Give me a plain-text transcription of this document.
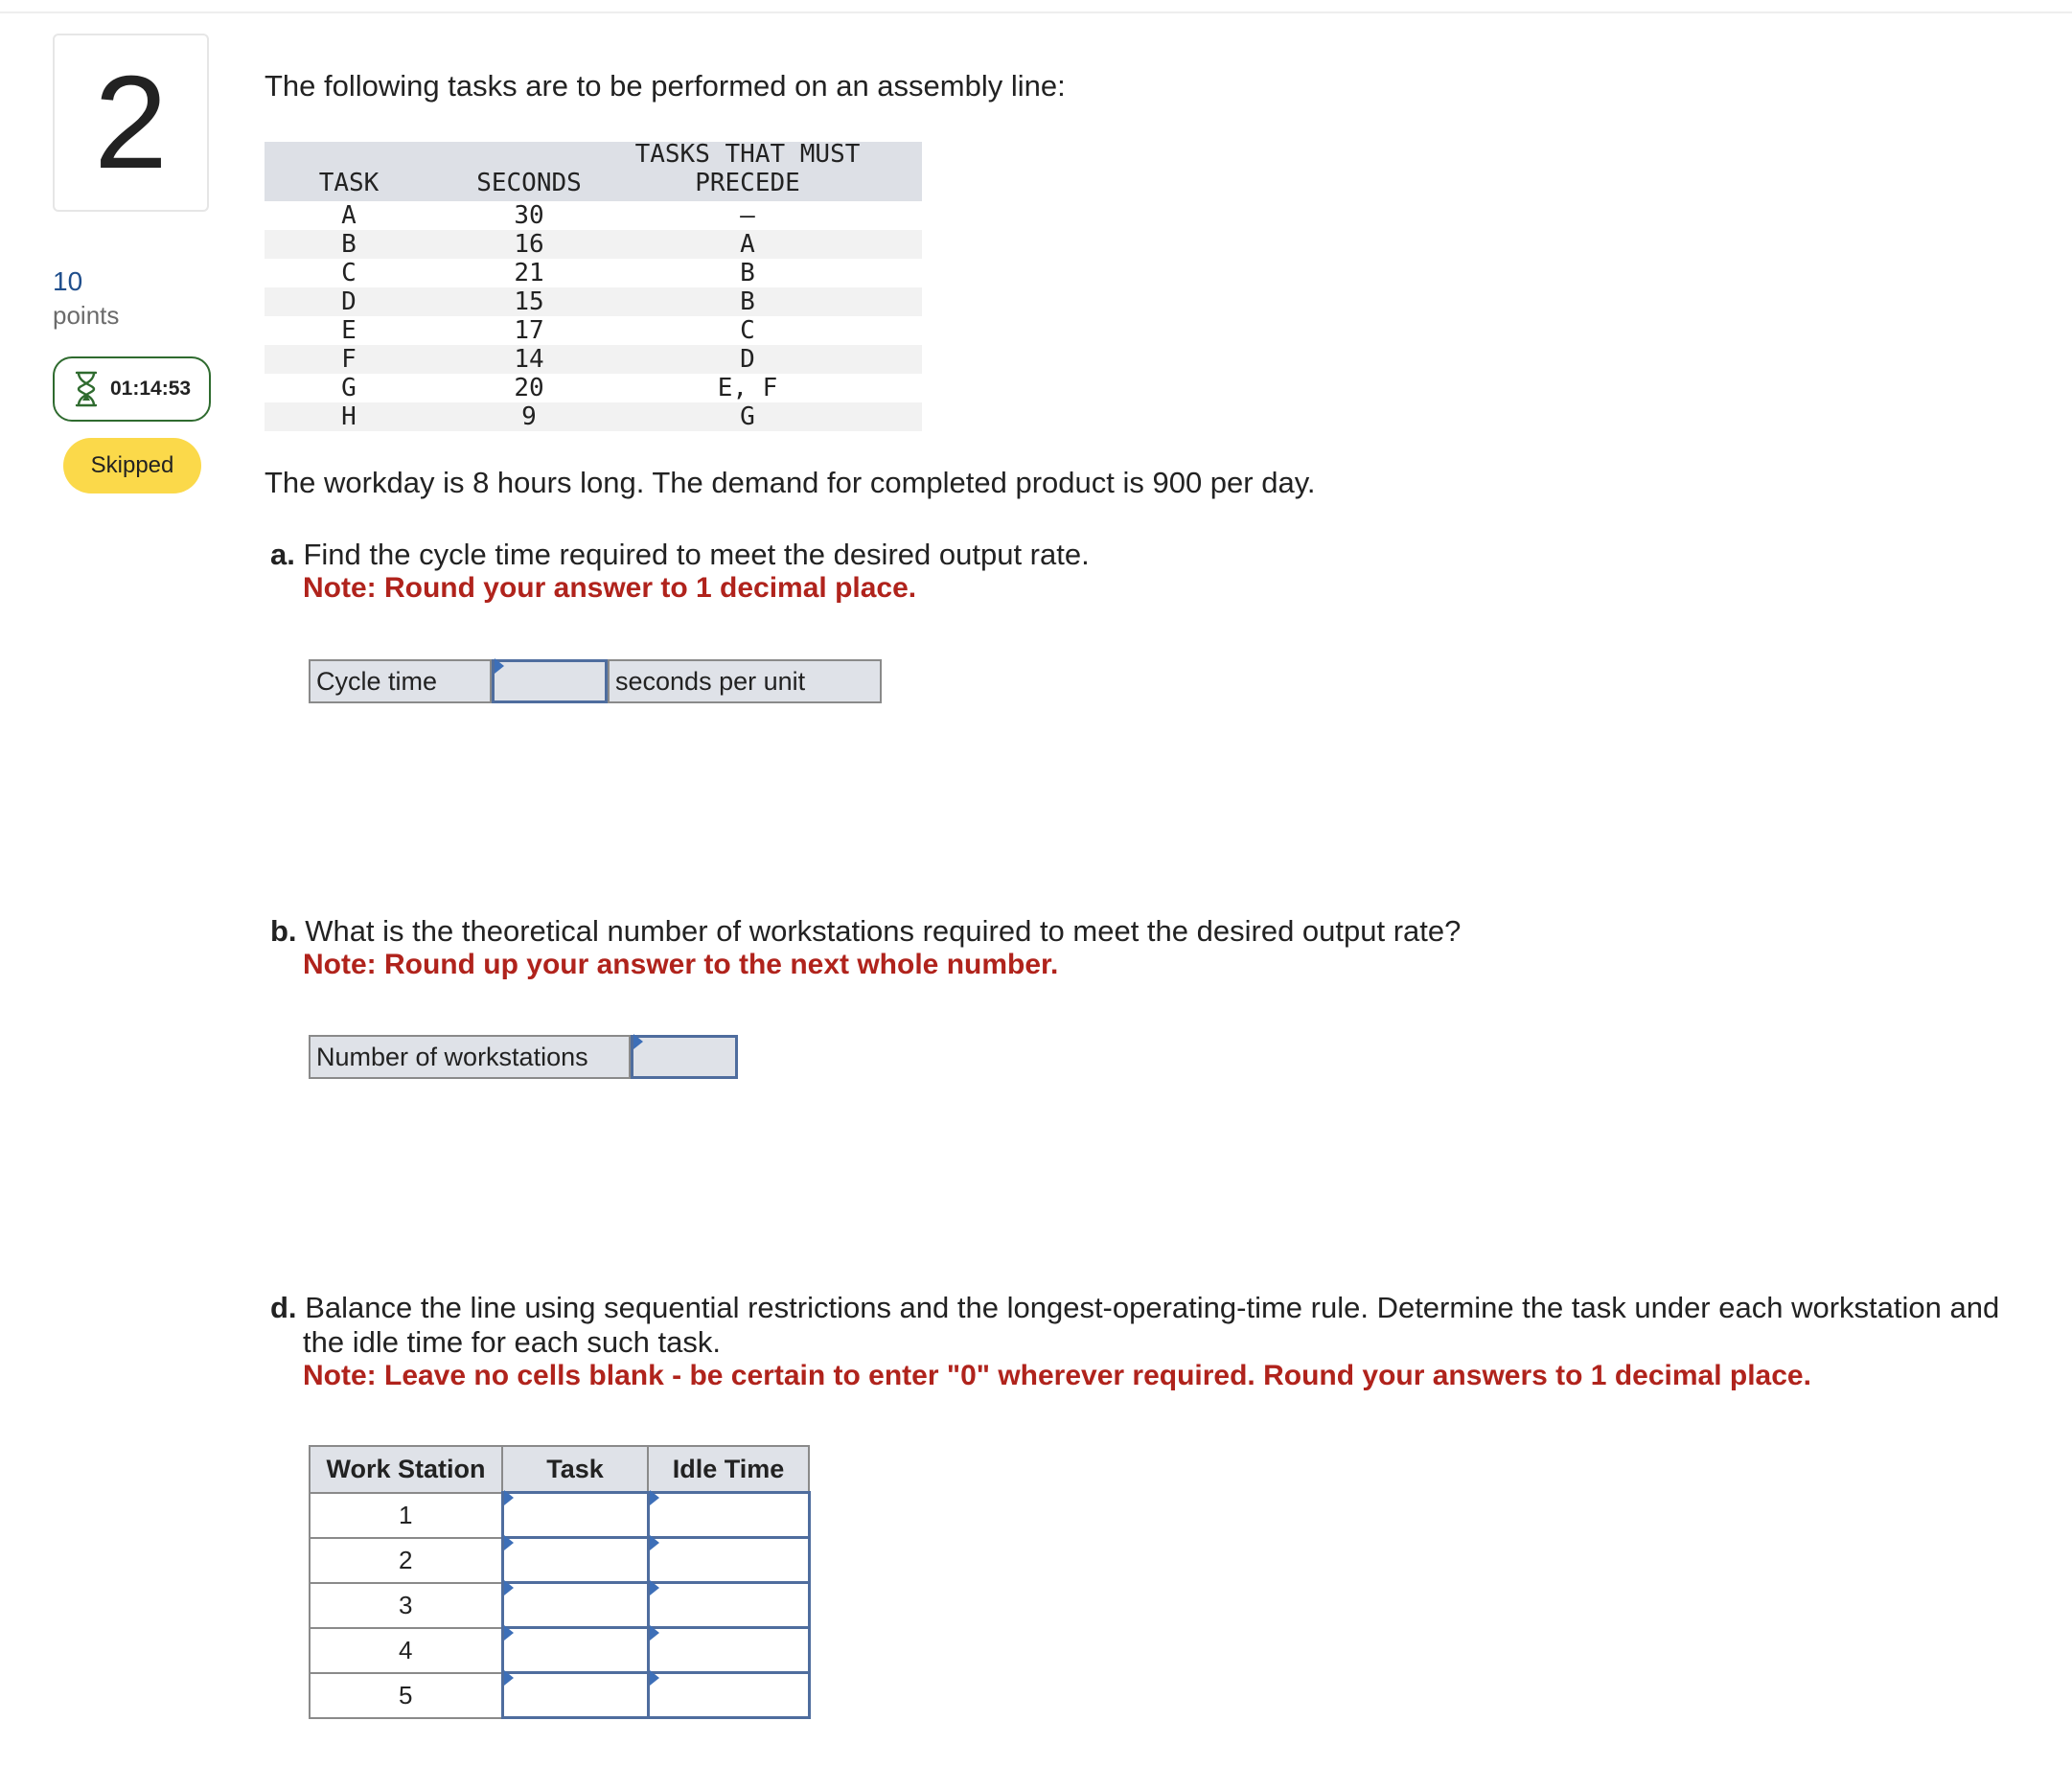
2
10
points
01:14:53
Skipped
The following tasks are to be performed on an assembly line:
TASK	SECONDS
TASKS THAT MUST
PRECEDE
A	30	—
B	16	A
C	21	B
D	15	B
E	17	C
F	14	D
G	20	E, F
H	9	G
The workday is 8 hours long. The demand for completed product is 900 per day.
a. Find the cycle time required to meet the desired output rate.
Note: Round your answer to 1 decimal place.
Cycle time	seconds per unit
b. What is the theoretical number of workstations required to meet the desired output rate?
Note: Round up your answer to the next whole number.
Number of workstations
d. Balance the line using sequential restrictions and the longest-operating-time rule. Determine the task under each workstation and
the idle time for each such task.
Note: Leave no cells blank - be certain to enter "0" wherever required. Round your answers to 1 decimal place.
Work Station	Task	Idle Time
1		
2		
3		
4		
5		
